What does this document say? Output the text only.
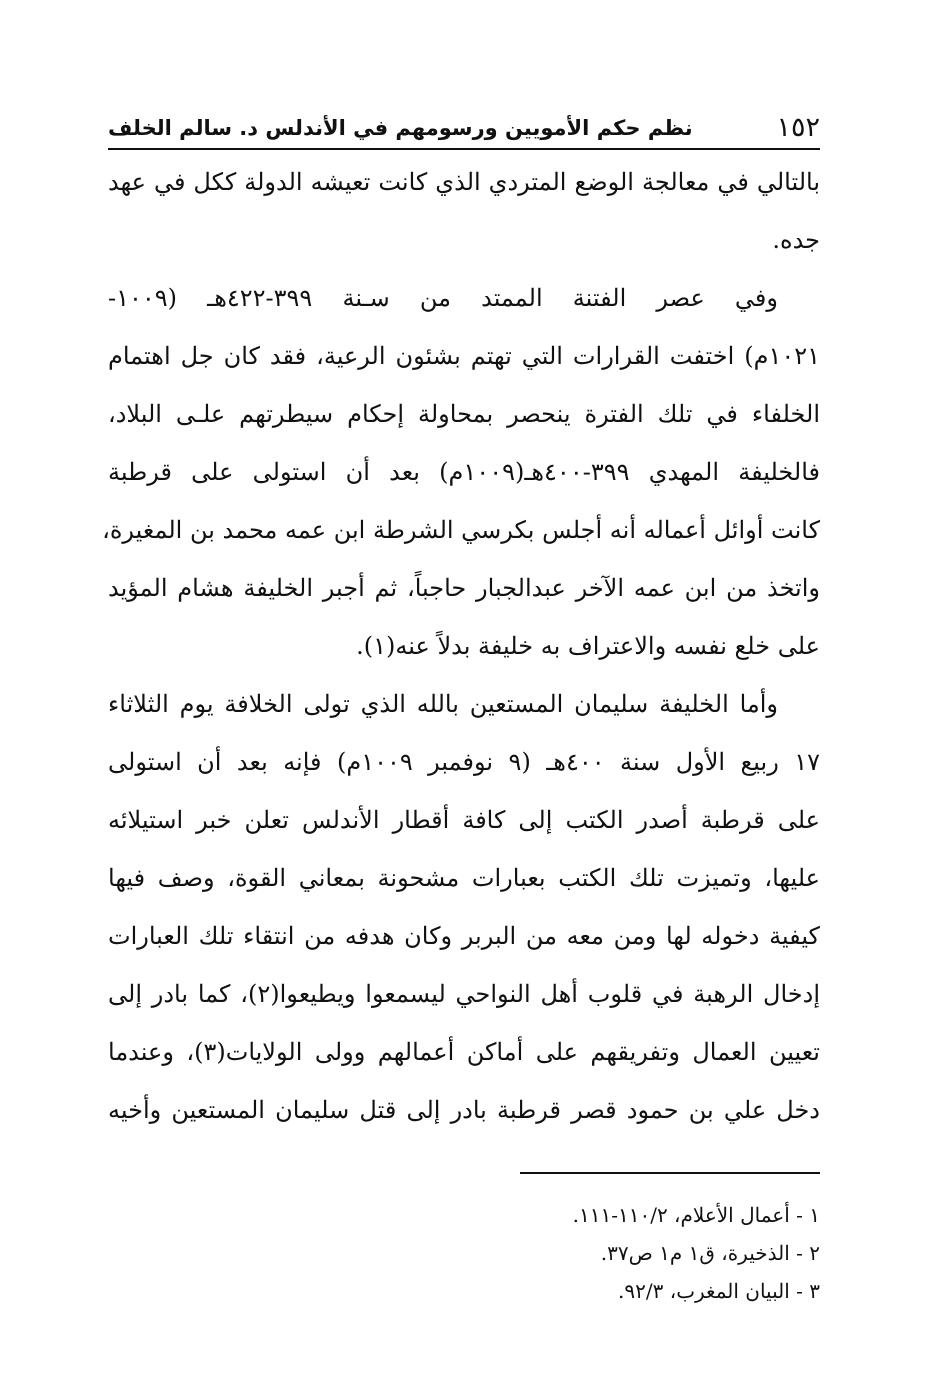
١٥٢
نظم حكم الأمويين ورسومهم في الأندلس د. سالم الخلف
بالتالي في معالجة الوضع المتردي الذي كانت تعيشه الدولة ككل في عهد
جده.
وفي عصر الفتنة الممتد من سـنة ٣٩٩-٤٢٢هـ (١٠٠٩-
١٠٢١م) اختفت القرارات التي تهتم بشئون الرعية، فقد كان جل اهتمام
الخلفاء في تلك الفترة ينحصر بمحاولة إحكام سيطرتهم علـى البلاد،
فالخليفة المهدي ٣٩٩-٤٠٠هـ(١٠٠٩م) بعد أن استولى على قرطبة
كانت أوائل أعماله أنه أجلس بكرسي الشرطة ابن عمه محمد بن المغيرة،
واتخذ من ابن عمه الآخر عبدالجبار حاجباً، ثم أجبر الخليفة هشام المؤيد
على خلع نفسه والاعتراف به خليفة بدلاً عنه(١).
وأما الخليفة سليمان المستعين بالله الذي تولى الخلافة يوم الثلاثاء
١٧ ربيع الأول سنة ٤٠٠هـ (٩ نوفمبر ١٠٠٩م) فإنه بعد أن استولى
على قرطبة أصدر الكتب إلى كافة أقطار الأندلس تعلن خبر استيلائه
عليها، وتميزت تلك الكتب بعبارات مشحونة بمعاني القوة، وصف فيها
كيفية دخوله لها ومن معه من البربر وكان هدفه من انتقاء تلك العبارات
إدخال الرهبة في قلوب أهل النواحي ليسمعوا ويطيعوا(٢)، كما بادر إلى
تعيين العمال وتفريقهم على أماكن أعمالهم وولى الولايات(٣)، وعندما
دخل علي بن حمود قصر قرطبة بادر إلى قتل سليمان المستعين وأخيه
١ - أعمال الأعلام، ١١٠/٢-١١١.
٢ - الذخيرة، ق١ م١ ص٣٧.
٣ - البيان المغرب، ٩٢/٣.
